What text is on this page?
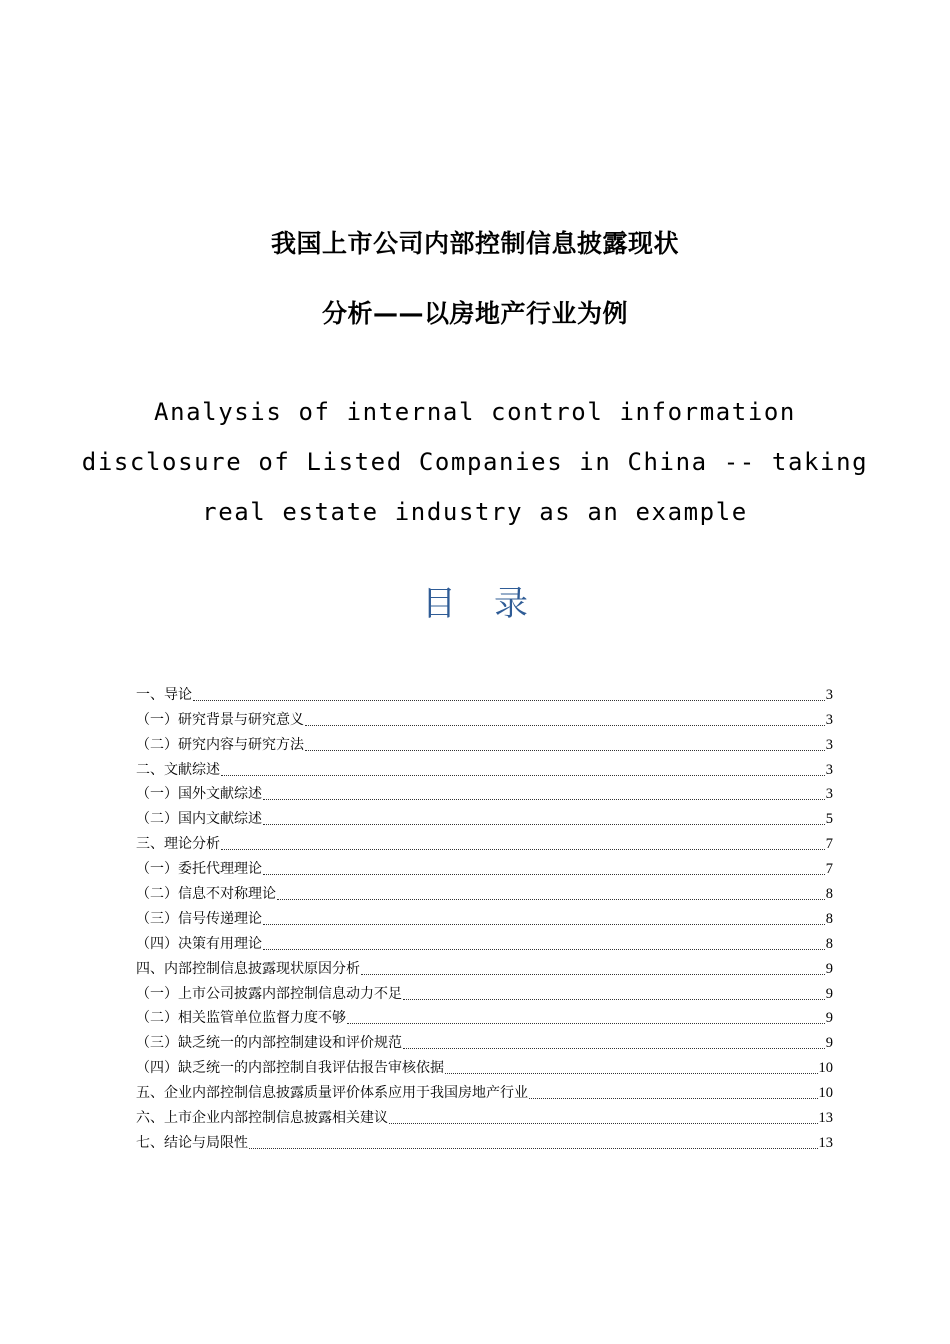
我国上市公司内部控制信息披露现状
分析——以房地产行业为例
Analysis of internal control information
disclosure of Listed Companies in China -- taking
real estate industry as an example
目录
一、导论	3
（一）研究背景与研究意义	3
（二）研究内容与研究方法	3
二、文献综述	3
（一）国外文献综述	3
（二）国内文献综述	5
三、理论分析	7
（一）委托代理理论	7
（二）信息不对称理论	8
（三）信号传递理论	8
（四）决策有用理论	8
四、内部控制信息披露现状原因分析	9
（一）上市公司披露内部控制信息动力不足	9
（二）相关监管单位监督力度不够	9
（三）缺乏统一的内部控制建设和评价规范	9
（四）缺乏统一的内部控制自我评估报告审核依据	10
五、企业内部控制信息披露质量评价体系应用于我国房地产行业	10
六、上市企业内部控制信息披露相关建议	13
七、结论与局限性	13
